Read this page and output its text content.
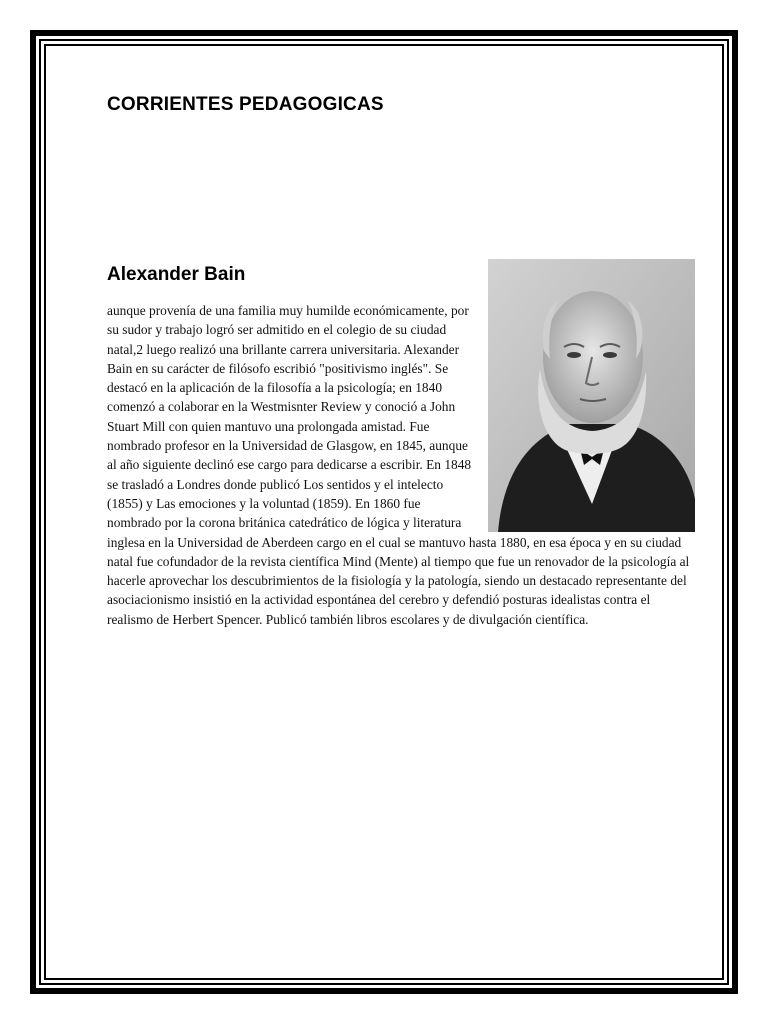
CORRIENTES PEDAGOGICAS
Alexander Bain

aunque provenía de una familia muy humilde económicamente, por su sudor y trabajo logró ser admitido en el colegio de su ciudad natal,2 luego realizó una brillante carrera universitaria. Alexander Bain en su carácter de filósofo escribió "positivismo inglés". Se destacó en la aplicación de la filosofía a la psicología; en 1840 comenzó a colaborar en la Westmisnter Review y conoció a John Stuart Mill con quien mantuvo una prolongada amistad. Fue nombrado profesor en la Universidad de Glasgow, en 1845, aunque al año siguiente declinó ese cargo para dedicarse a escribir. En 1848 se trasladó a Londres donde publicó Los sentidos y el intelecto (1855) y Las emociones y la voluntad (1859). En 1860 fue nombrado por la corona británica catedrático de lógica y literatura inglesa en la Universidad de Aberdeen cargo en el cual se mantuvo hasta 1880, en esa época y en su ciudad natal fue cofundador de la revista científica Mind (Mente) al tiempo que fue un renovador de la psicología al hacerle aprovechar los descubrimientos de la fisiología y la patología, siendo un destacado representante del asociacionismo insistió en la actividad espontánea del cerebro y defendió posturas idealistas contra el realismo de Herbert Spencer. Publicó también libros escolares y de divulgación científica.
